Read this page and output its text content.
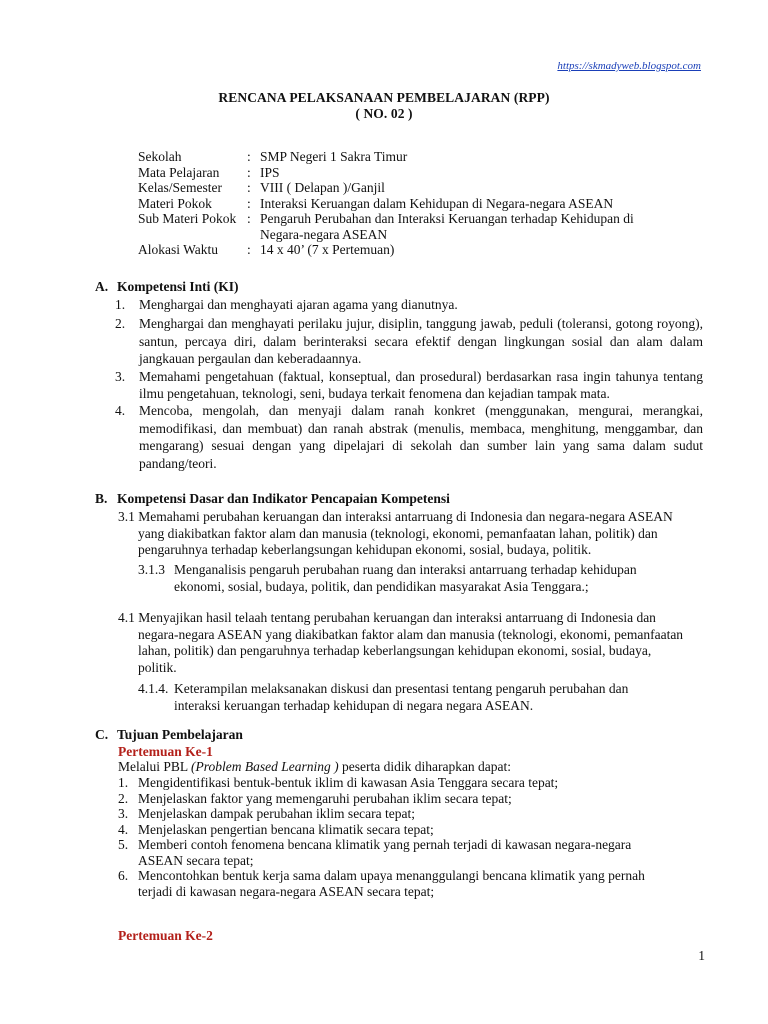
https://skmadyweb.blogspot.com
RENCANA PELAKSANAAN PEMBELAJARAN (RPP)
( NO. 02 )
Sekolah	: SMP Negeri 1 Sakra Timur
Mata Pelajaran	: IPS
Kelas/Semester	: VIII ( Delapan )/Ganjil
Materi Pokok	: Interaksi Keruangan dalam Kehidupan di Negara-negara ASEAN
Sub Materi Pokok : Pengaruh Perubahan dan Interaksi Keruangan terhadap Kehidupan di Negara-negara ASEAN
Alokasi Waktu	: 14 x 40’ (7 x Pertemuan)
A. Kompetensi Inti (KI)
1.	Menghargai dan menghayati ajaran agama yang dianutnya.
2.	Menghargai dan menghayati perilaku jujur, disiplin, tanggung jawab, peduli (toleransi, gotong royong), santun, percaya diri, dalam berinteraksi secara efektif dengan lingkungan sosial dan alam dalam jangkauan pergaulan dan keberadaannya.
3.	Memahami pengetahuan (faktual, konseptual, dan prosedural) berdasarkan rasa ingin tahunya tentang ilmu pengetahuan, teknologi, seni, budaya terkait fenomena dan kejadian tampak mata.
4.	Mencoba, mengolah, dan menyaji dalam ranah konkret (menggunakan, mengurai, merangkai, memodifikasi, dan membuat) dan ranah abstrak (menulis, membaca, menghitung, menggambar, dan mengarang) sesuai dengan yang dipelajari di sekolah dan sumber lain yang sama dalam sudut pandang/teori.
B. Kompetensi Dasar dan Indikator Pencapaian Kompetensi
3.1 Memahami perubahan keruangan dan interaksi antarruang di Indonesia dan negara-negara ASEAN
yang diakibatkan faktor alam dan manusia (teknologi, ekonomi, pemanfaatan lahan, politik) dan pengaruhnya terhadap keberlangsungan kehidupan ekonomi, sosial, budaya, politik.
3.1.3 Menganalisis pengaruh perubahan ruang dan interaksi antarruang terhadap kehidupan
ekonomi, sosial, budaya, politik, dan pendidikan masyarakat Asia Tenggara.;
4.1 Menyajikan hasil telaah tentang perubahan keruangan dan interaksi antarruang di Indonesia dan
negara-negara ASEAN yang diakibatkan faktor alam dan manusia (teknologi, ekonomi, pemanfaatan lahan, politik) dan pengaruhnya terhadap keberlangsungan kehidupan ekonomi, sosial, budaya, politik.
4.1.4. Keterampilan melaksanakan diskusi dan presentasi tentang pengaruh perubahan dan
interaksi keruangan terhadap kehidupan di negara negara ASEAN.
C. Tujuan Pembelajaran
Pertemuan Ke-1
Melalui PBL (Problem Based Learning ) peserta didik diharapkan dapat:
1. Mengidentifikasi bentuk-bentuk iklim di kawasan Asia Tenggara secara tepat;
2. Menjelaskan faktor yang memengaruhi perubahan iklim secara tepat;
3. Menjelaskan dampak perubahan iklim secara tepat;
4. Menjelaskan pengertian bencana klimatik secara tepat;
5. Memberi contoh fenomena bencana klimatik yang pernah terjadi di kawasan negara-negara ASEAN secara tepat;
6. Mencontohkan bentuk kerja sama dalam upaya menanggulangi bencana klimatik yang pernah terjadi di kawasan negara-negara ASEAN secara tepat;
Pertemuan Ke-2
1
